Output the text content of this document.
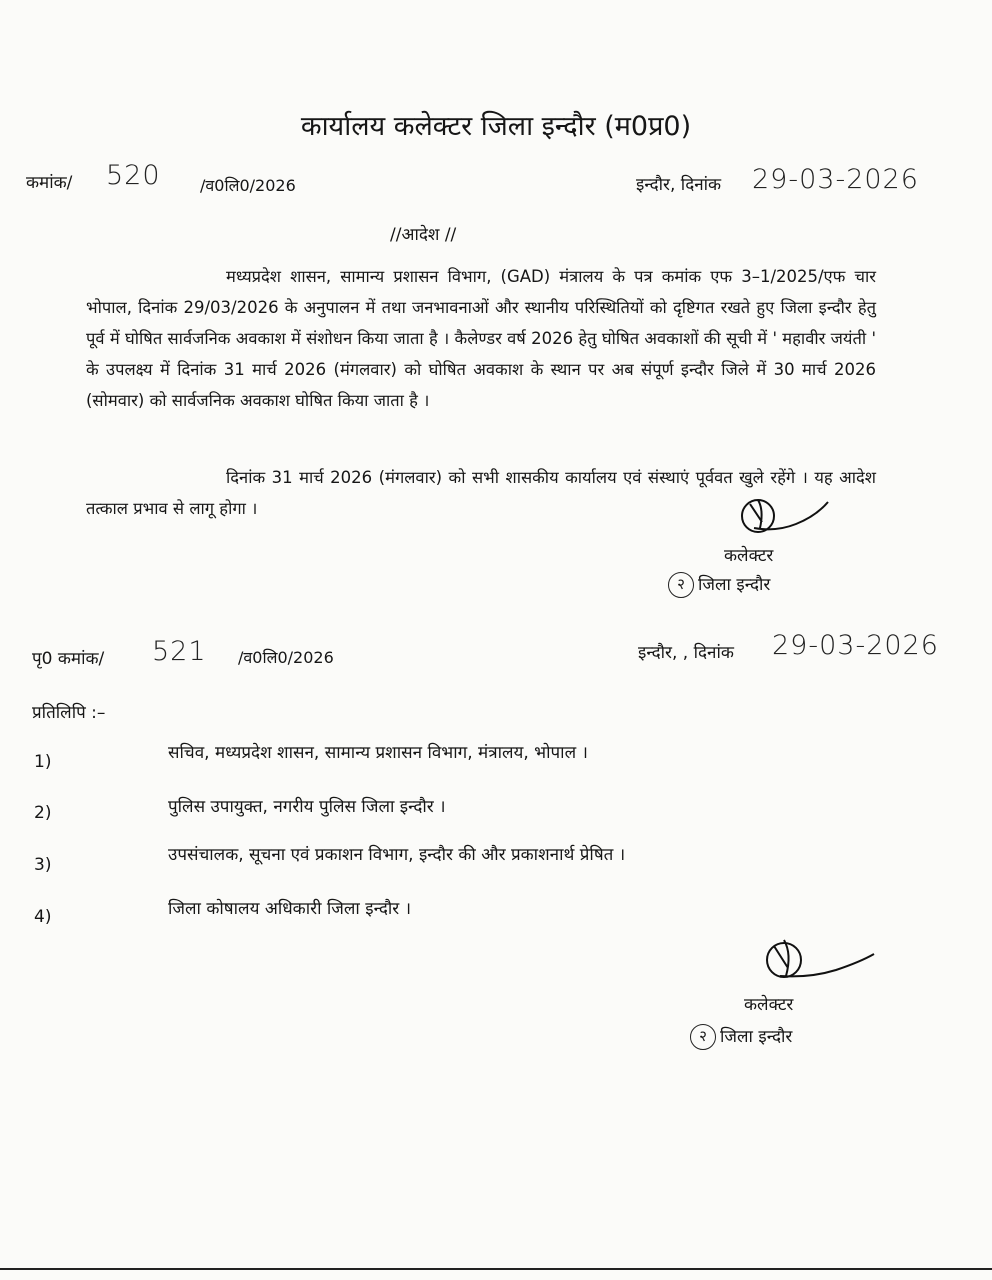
कार्यालय कलेक्टर जिला इन्दौर (म0प्र0)
कमांक/ 520 /व0लि0/2026	इन्दौर, दिनांक 29-03-2026
//आदेश //
मध्यप्रदेश शासन, सामान्य प्रशासन विभाग, (GAD) मंत्रालय के पत्र कमांक एफ 3–1/2025/एफ चार भोपाल, दिनांक 29/03/2026 के अनुपालन में तथा जनभावनाओं और स्थानीय परिस्थितियों को दृष्टिगत रखते हुए जिला इन्दौर हेतु पूर्व में घोषित सार्वजनिक अवकाश में संशोधन किया जाता है । कैलेण्डर वर्ष 2026 हेतु घोषित अवकाशों की सूची में ' महावीर जयंती ' के उपलक्ष्य में दिनांक 31 मार्च 2026 (मंगलवार) को घोषित अवकाश के स्थान पर अब संपूर्ण इन्दौर जिले में 30 मार्च 2026 (सोमवार) को सार्वजनिक अवकाश घोषित किया जाता है ।
दिनांक 31 मार्च 2026 (मंगलवार) को सभी शासकीय कार्यालय एवं संस्थाएं पूर्ववत खुले रहेंगे । यह आदेश तत्काल प्रभाव से लागू होगा ।
कलेक्टर
२ जिला इन्दौर
पृ0 कमांक/ 521 /व0लि0/2026	इन्दौर, , दिनांक 29-03-2026
प्रतिलिपि :–
1)	सचिव, मध्यप्रदेश शासन, सामान्य प्रशासन विभाग, मंत्रालय, भोपाल ।
2)	पुलिस उपायुक्त, नगरीय पुलिस जिला इन्दौर ।
3)	उपसंचालक, सूचना एवं प्रकाशन विभाग, इन्दौर की और प्रकाशनार्थ प्रेषित ।
4)	जिला कोषालय अधिकारी जिला इन्दौर ।
कलेक्टर
२ जिला इन्दौर
